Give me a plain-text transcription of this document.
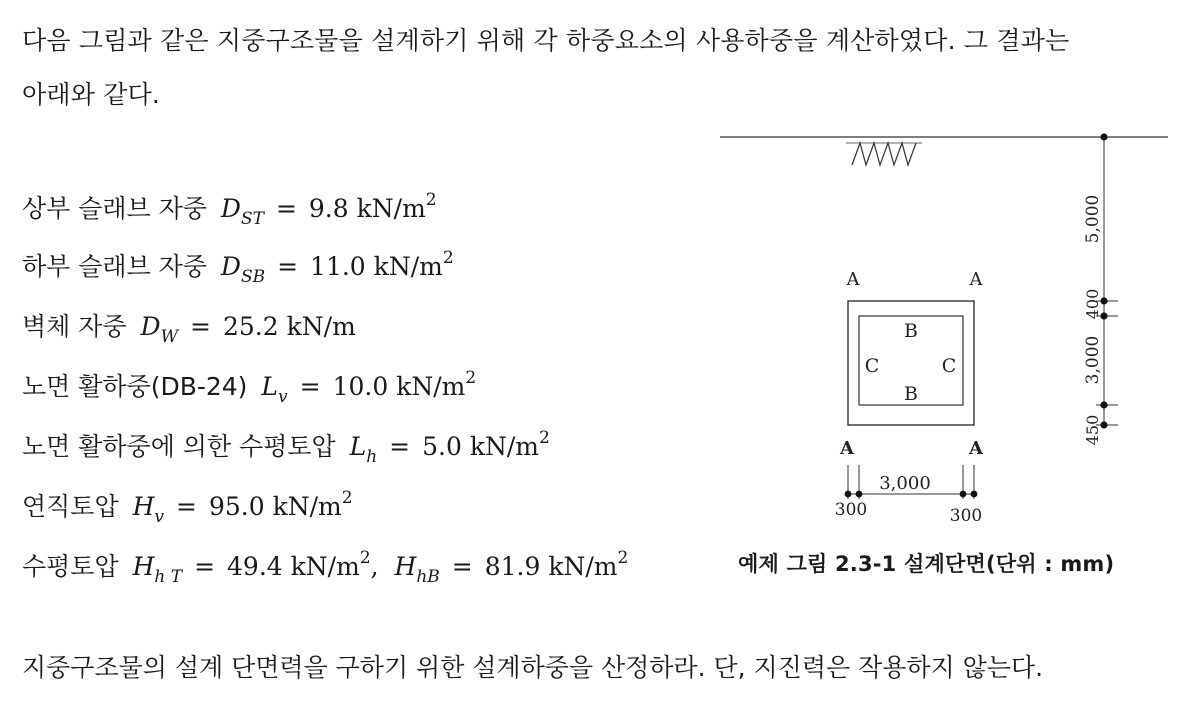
다음 그림과 같은 지중구조물을 설계하기 위해 각 하중요소의 사용하중을 계산하였다. 그 결과는
아래와 같다.
상부 슬래브 자중 $D_{ST} = 9.8$ $kN/m^2$
하부 슬래브 자중 $D_{SB} = 11.0$ $kN/m^2$
벽체 자중 $D_W = 25.2$ kN/m
노면 활하중(DB-24) $L_v = 10.0$ $kN/m^2$
노면 활하중에 의한 수평토압 $L_h = 5.0$ $kN/m^2$
연직토압 $H_v = 95.0$ $kN/m^2$
수평토압 $H_{h T} = 49.4$ $kN/m^2$, $H_{hB} = 81.9$ $kN/m^2$
B
B
C	C
A	A
A	A
3,000
300	300
5,000
400
3,000
450
예제 그림 2.3-1 설계단면(단위 : mm)
지중구조물의 설계 단면력을 구하기 위한 설계하중을 산정하라. 단, 지진력은 작용하지 않는다.
